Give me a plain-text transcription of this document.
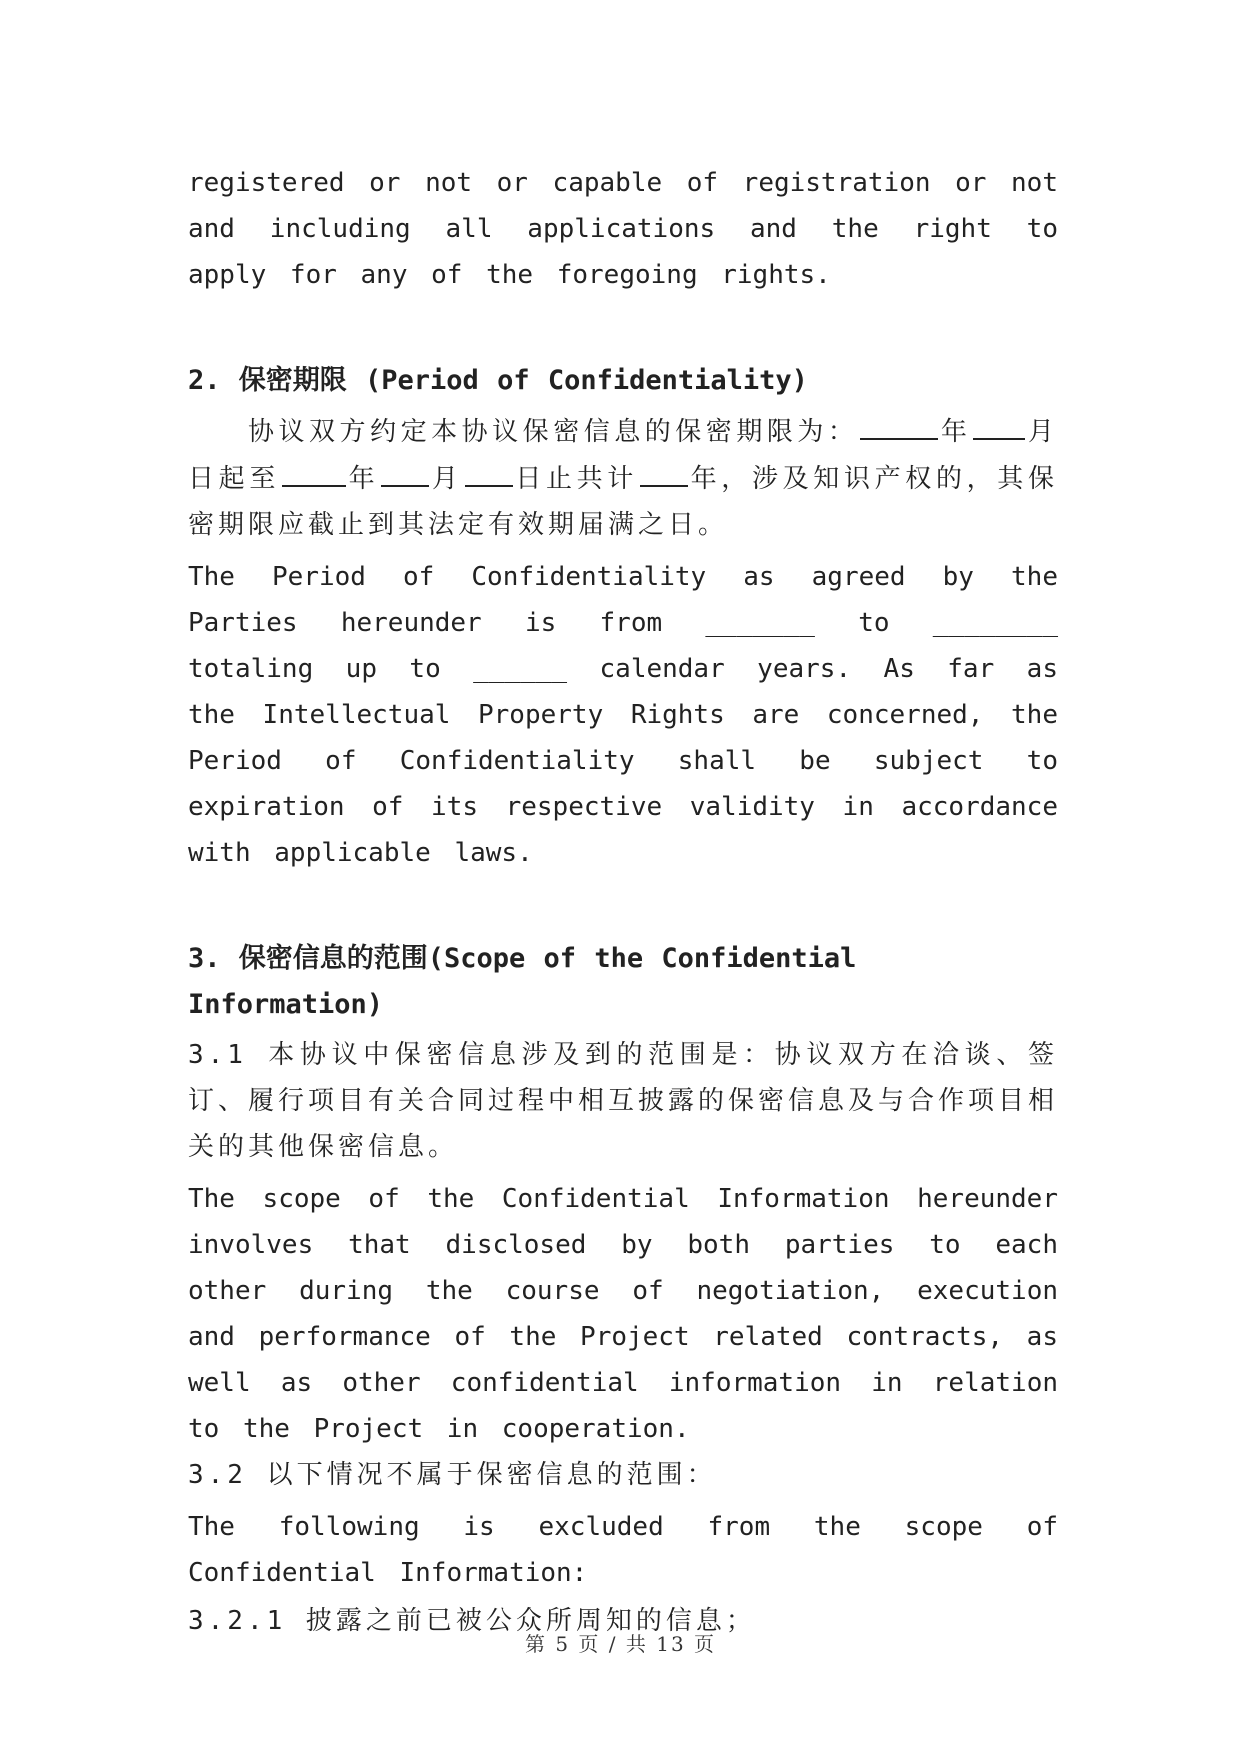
registered or not or capable of registration or not and including all applications and the right to apply for any of the foregoing rights.

2. 保密期限 (Period of Confidentiality)

协议双方约定本协议保密信息的保密期限为：	年 月日起至	年 月 日止共计 年，涉及知识产权的，其保密期限应截止到其法定有效期届满之日。

The Period of Confidentiality as agreed by the Parties hereunder is from _______ to ________ totaling up to ______ calendar years. As far as the Intellectual Property Rights are concerned, the Period of Confidentiality shall be subject to expiration of its respective validity in accordance with applicable laws.

3. 保密信息的范围(Scope of the Confidential Information)

3.1 本协议中保密信息涉及到的范围是：协议双方在洽谈、签订、履行项目有关合同过程中相互披露的保密信息及与合作项目相关的其他保密信息。

The scope of the Confidential Information hereunder involves that disclosed by both parties to each other during the course of negotiation, execution and performance of the Project related contracts, as well as other confidential information in relation to the Project in cooperation.

3.2 以下情况不属于保密信息的范围：

The following is excluded from the scope of Confidential Information:

3.2.1 披露之前已被公众所周知的信息；

第 5 页 / 共 13 页
